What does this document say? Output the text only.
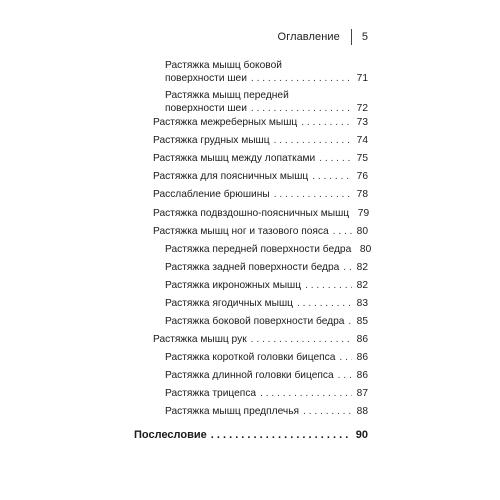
Оглавление 5
Растяжка мышц боковой
поверхности шеи . . .	71
Растяжка мышц передней
поверхности шеи . . .	72
Растяжка межреберных мышц . . .	73
Растяжка грудных мышц . . .	74
Растяжка мышц между лопатками . . .	75
Растяжка для поясничных мышц . . .	76
Расслабление брюшины . . .	78
Растяжка подвздошно-поясничных мышц 79
Растяжка мышц ног и тазового пояса . . .	80
Растяжка передней поверхности бедра 80
Растяжка задней поверхности бедра . . . 82
Растяжка икроножных мышц . . .	82
Растяжка ягодичных мышц . . .	83
Растяжка боковой поверхности бедра . . . 85
Растяжка мышц рук . . .	86
Растяжка короткой головки бицепса . . . 86
Растяжка длинной головки бицепса . . . 86
Растяжка трицепса . . .	87
Растяжка мышц предплечья . . .	88
Послесловие . . .	90
